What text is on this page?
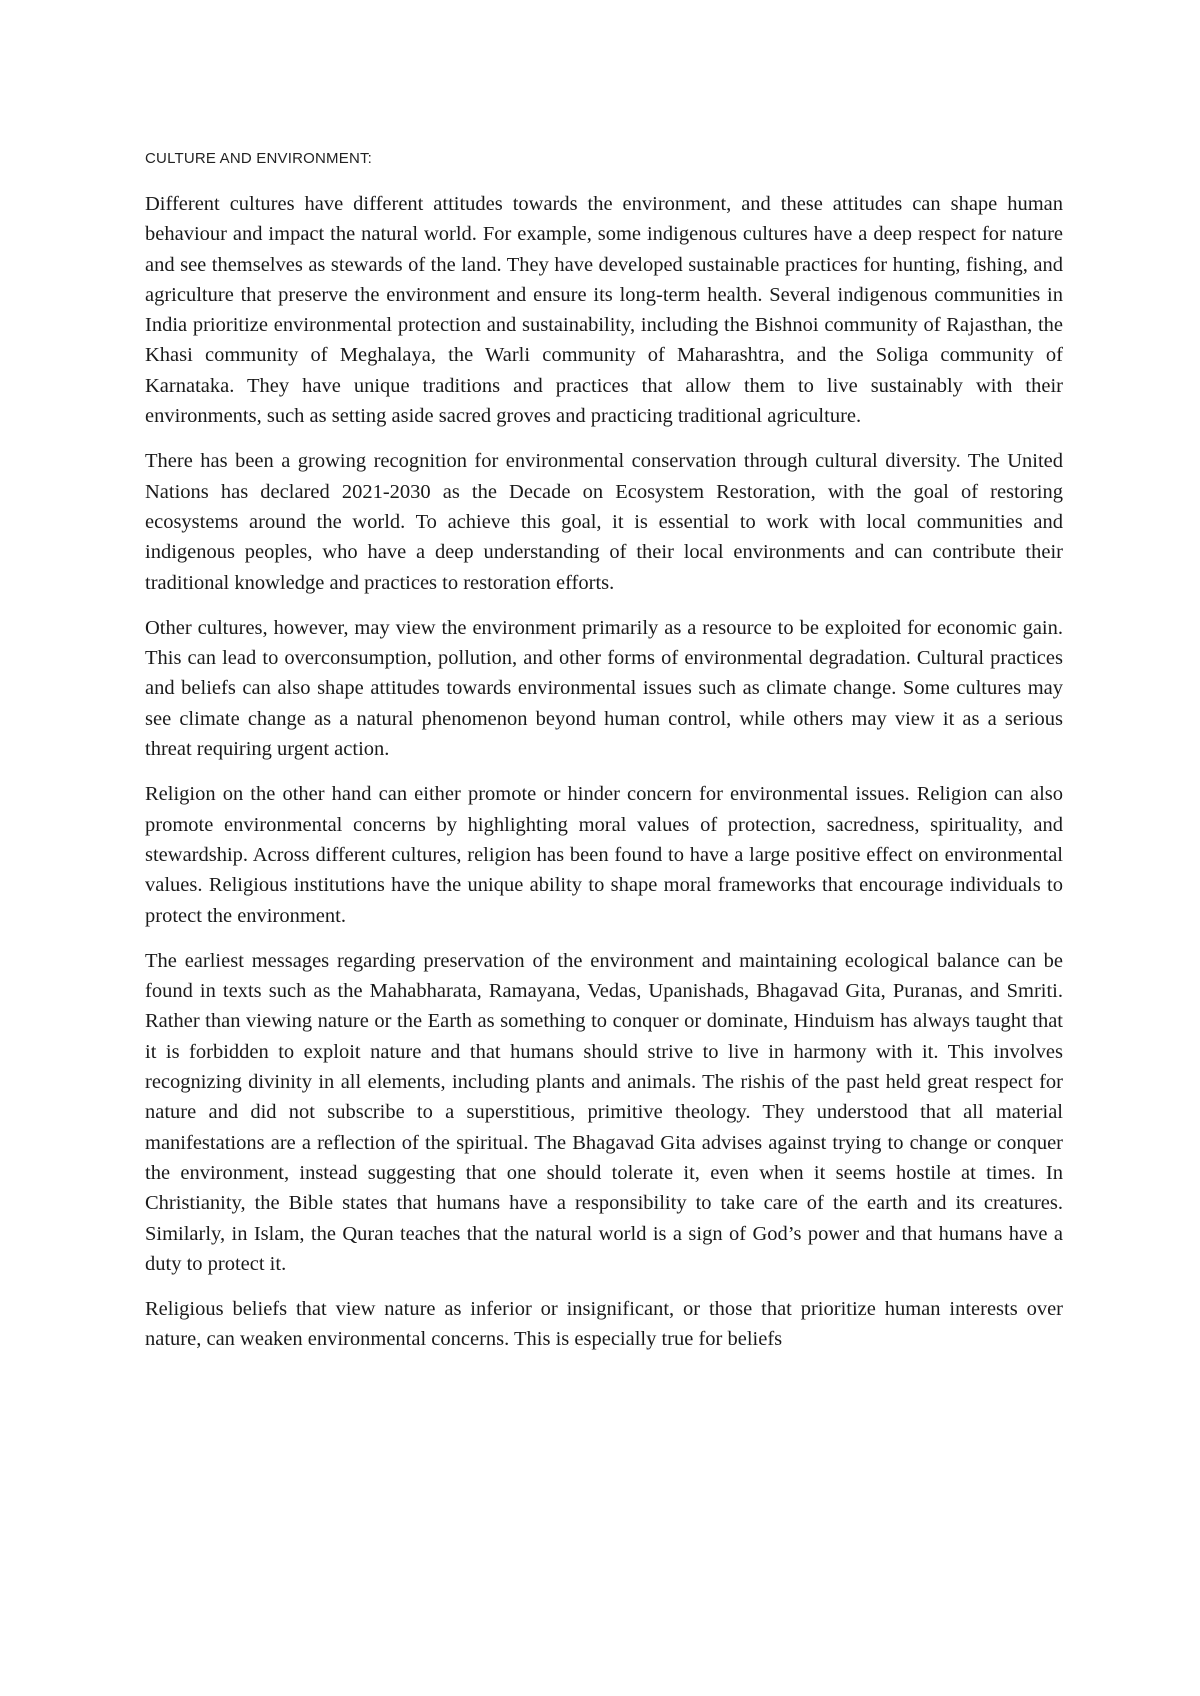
CULTURE AND ENVIRONMENT:

Different cultures have different attitudes towards the environment, and these attitudes can shape human behaviour and impact the natural world. For example, some indigenous cultures have a deep respect for nature and see themselves as stewards of the land. They have developed sustainable practices for hunting, fishing, and agriculture that preserve the environment and ensure its long-term health. Several indigenous communities in India prioritize environmental protection and sustainability, including the Bishnoi community of Rajasthan, the Khasi community of Meghalaya, the Warli community of Maharashtra, and the Soliga community of Karnataka. They have unique traditions and practices that allow them to live sustainably with their environments, such as setting aside sacred groves and practicing traditional agriculture.

There has been a growing recognition for environmental conservation through cultural diversity. The United Nations has declared 2021-2030 as the Decade on Ecosystem Restoration, with the goal of restoring ecosystems around the world. To achieve this goal, it is essential to work with local communities and indigenous peoples, who have a deep understanding of their local environments and can contribute their traditional knowledge and practices to restoration efforts.

Other cultures, however, may view the environment primarily as a resource to be exploited for economic gain. This can lead to overconsumption, pollution, and other forms of environmental degradation. Cultural practices and beliefs can also shape attitudes towards environmental issues such as climate change. Some cultures may see climate change as a natural phenomenon beyond human control, while others may view it as a serious threat requiring urgent action.

Religion on the other hand can either promote or hinder concern for environmental issues. Religion can also promote environmental concerns by highlighting moral values of protection, sacredness, spirituality, and stewardship. Across different cultures, religion has been found to have a large positive effect on environmental values. Religious institutions have the unique ability to shape moral frameworks that encourage individuals to protect the environment.

The earliest messages regarding preservation of the environment and maintaining ecological balance can be found in texts such as the Mahabharata, Ramayana, Vedas, Upanishads, Bhagavad Gita, Puranas, and Smriti. Rather than viewing nature or the Earth as something to conquer or dominate, Hinduism has always taught that it is forbidden to exploit nature and that humans should strive to live in harmony with it. This involves recognizing divinity in all elements, including plants and animals. The rishis of the past held great respect for nature and did not subscribe to a superstitious, primitive theology. They understood that all material manifestations are a reflection of the spiritual. The Bhagavad Gita advises against trying to change or conquer the environment, instead suggesting that one should tolerate it, even when it seems hostile at times. In Christianity, the Bible states that humans have a responsibility to take care of the earth and its creatures. Similarly, in Islam, the Quran teaches that the natural world is a sign of God’s power and that humans have a duty to protect it.

Religious beliefs that view nature as inferior or insignificant, or those that prioritize human interests over nature, can weaken environmental concerns. This is especially true for beliefs
